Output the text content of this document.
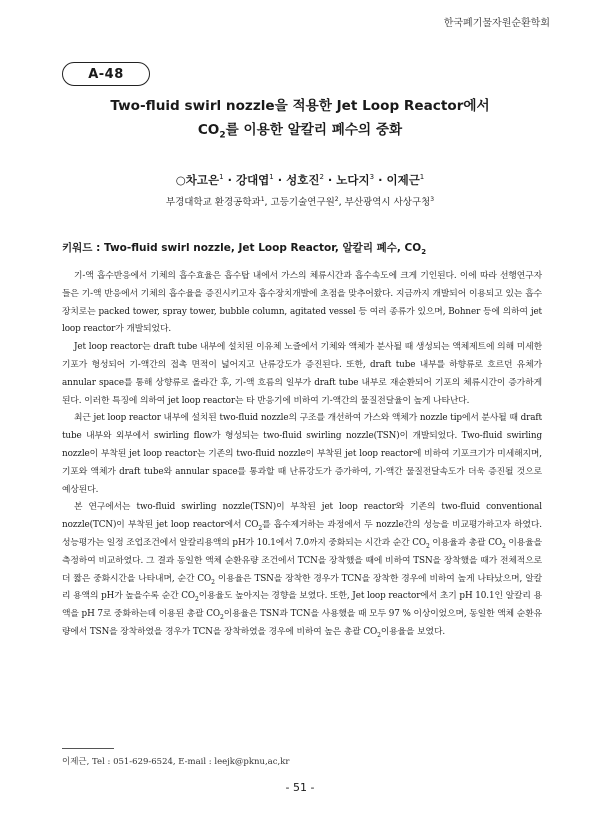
한국폐기물자원순환학회
A-48
Two-fluid swirl nozzle을 적용한 Jet Loop Reactor에서
$CO_2$를 이용한 알칼리 폐수의 중화
○차고은$^1$ · 강대엽$^1$ · 성호진$^2$ · 노다지$^3$ · 이제근$^1$
부경대학교 환경공학과$^1$, 고등기술연구원$^2$, 부산광역시 사상구청$^3$
키워드 : Two-fluid swirl nozzle, Jet Loop Reactor, 알칼리 폐수, $CO_2$

기-액 흡수반응에서 기체의 흡수효율은 흡수탑 내에서 가스의 체류시간과 흡수속도에 크게 기인된다. 이에 따라 선행연구자들은 기-액 반응에서 기체의 흡수율을 증진시키고자 흡수장치개발에 초점을 맞추어왔다. 지금까지 개발되어 이용되고 있는 흡수장치로는 packed tower, spray tower, bubble column, agitated vessel 등 여러 종류가 있으며, Bohner 등에 의하여 jet loop reactor가 개발되었다.

Jet loop reactor는 draft tube 내부에 설치된 이유체 노즐에서 기체와 액체가 분사될 때 생성되는 액체제트에 의해 미세한 기포가 형성되어 기-액간의 접촉 면적이 넓어지고 난류강도가 증진된다. 또한, draft tube 내부를 하향류로 흐르던 유체가 annular space를 통해 상향류로 올라간 후, 기-액 흐름의 일부가 draft tube 내부로 재순환되어 기포의 체류시간이 증가하게 된다. 이러한 특징에 의하여 jet loop reactor는 타 반응기에 비하여 기-액간의 물질전달율이 높게 나타난다.

최근 jet loop reactor 내부에 설치된 two-fluid nozzle의 구조를 개선하여 가스와 액체가 nozzle tip에서 분사될 때 draft tube 내부와 외부에서 swirling flow가 형성되는 two-fluid swirling nozzle(TSN)이 개발되었다. Two-fluid swirling nozzle이 부착된 jet loop reactor는 기존의 two-fluid nozzle이 부착된 jet loop reactor에 비하여 기포크기가 미세해지며, 기포와 액체가 draft tube와 annular space를 통과할 때 난류강도가 증가하여, 기-액간 물질전달속도가 더욱 증진될 것으로 예상된다.

본 연구에서는 two-fluid swirling nozzle(TSN)이 부착된 jet loop reactor와 기존의 two-fluid conventional nozzle(TCN)이 부착된 jet loop reactor에서 $CO_2$를 흡수제거하는 과정에서 두 nozzle간의 성능을 비교평가하고자 하였다. 성능평가는 일정 조업조건에서 알칼리용액의 pH가 10.1에서 7.0까지 중화되는 시간과 순간 $CO_2$ 이용율과 총괄 $CO_2$ 이용율을 측정하여 비교하였다. 그 결과 동일한 액체 순환유량 조건에서 TCN을 장착했을 때에 비하여 TSN을 장착했을 때가 전체적으로 더 짧은 중화시간을 나타내며, 순간 $CO_2$ 이용율은 TSN을 장착한 경우가 TCN을 장착한 경우에 비하여 높게 나타났으며, 알칼리 용액의 pH가 높을수록 순간 $CO_2$이용율도 높아지는 경향을 보였다. 또한, Jet loop reactor에서 초기 pH 10.1인 알칼리 용액을 pH 7로 중화하는데 이용된 총괄 $CO_2$이용율은 TSN과 TCN을 사용했을 때 모두 97 % 이상이었으며, 동일한 액체 순환유량에서 TSN을 장착하였을 경우가 TCN을 장착하였을 경우에 비하여 높은 총괄 $CO_2$이용율을 보였다.

이제근, Tel : 051-629-6524, E-mail : leejk@pknu,ac,kr
- 51 -
